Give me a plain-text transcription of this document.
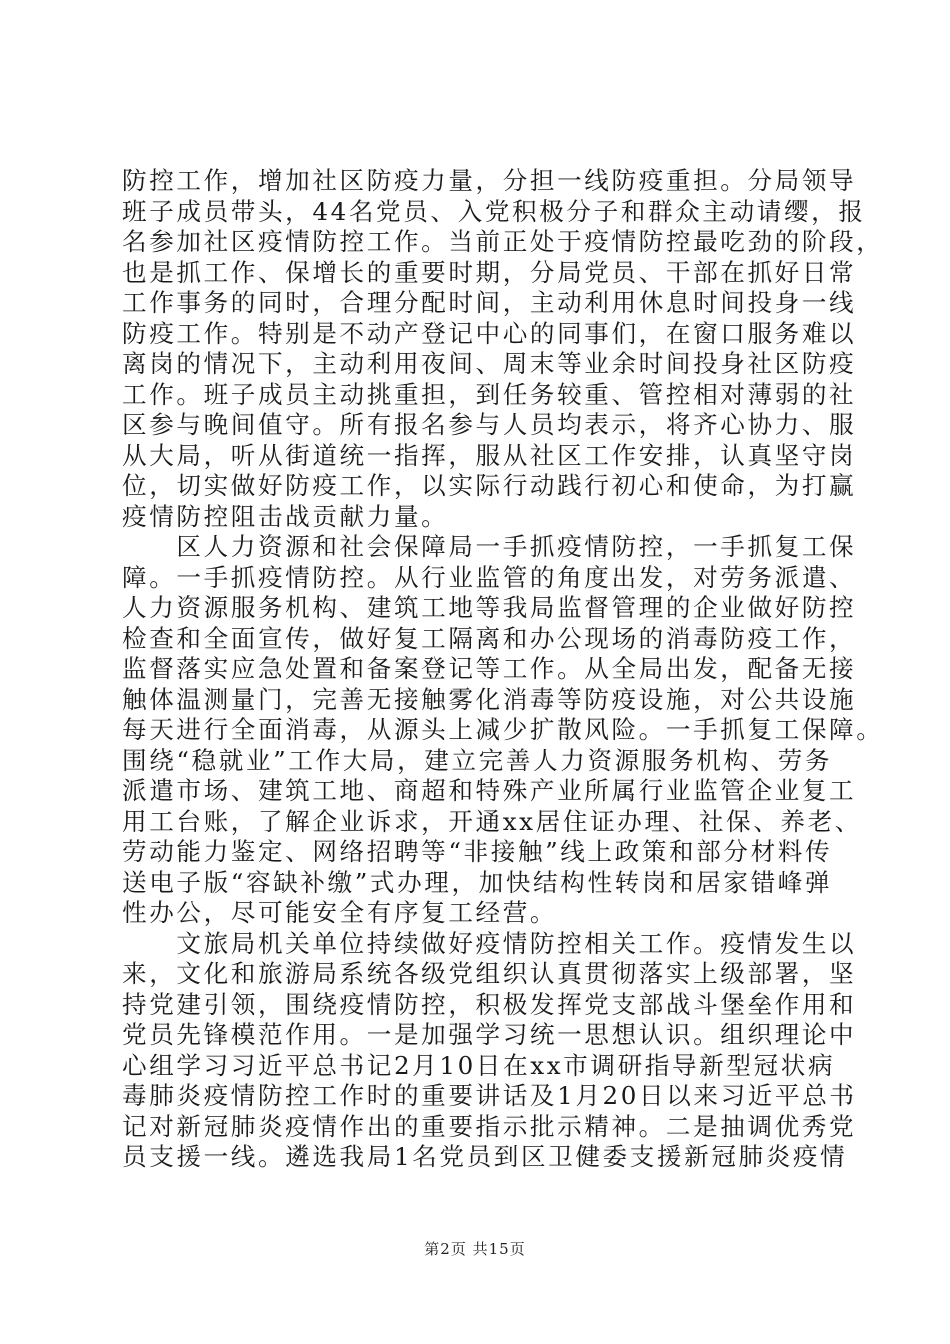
防控工作，增加社区防疫力量，分担一线防疫重担。分局领导
班子成员带头，44名党员、入党积极分子和群众主动请缨，报
名参加社区疫情防控工作。当前正处于疫情防控最吃劲的阶段，
也是抓工作、保增长的重要时期，分局党员、干部在抓好日常
工作事务的同时，合理分配时间，主动利用休息时间投身一线
防疫工作。特别是不动产登记中心的同事们，在窗口服务难以
离岗的情况下，主动利用夜间、周末等业余时间投身社区防疫
工作。班子成员主动挑重担，到任务较重、管控相对薄弱的社
区参与晚间值守。所有报名参与人员均表示，将齐心协力、服
从大局，听从街道统一指挥，服从社区工作安排，认真坚守岗
位，切实做好防疫工作，以实际行动践行初心和使命，为打赢
疫情防控阻击战贡献力量。
　　区人力资源和社会保障局一手抓疫情防控，一手抓复工保
障。一手抓疫情防控。从行业监管的角度出发，对劳务派遣、
人力资源服务机构、建筑工地等我局监督管理的企业做好防控
检查和全面宣传，做好复工隔离和办公现场的消毒防疫工作，
监督落实应急处置和备案登记等工作。从全局出发，配备无接
触体温测量门，完善无接触雾化消毒等防疫设施，对公共设施
每天进行全面消毒，从源头上减少扩散风险。一手抓复工保障。
围绕“稳就业”工作大局，建立完善人力资源服务机构、劳务
派遣市场、建筑工地、商超和特殊产业所属行业监管企业复工
用工台账，了解企业诉求，开通xx居住证办理、社保、养老、
劳动能力鉴定、网络招聘等“非接触”线上政策和部分材料传
送电子版“容缺补缴”式办理，加快结构性转岗和居家错峰弹
性办公，尽可能安全有序复工经营。
　　文旅局机关单位持续做好疫情防控相关工作。疫情发生以
来，文化和旅游局系统各级党组织认真贯彻落实上级部署，坚
持党建引领，围绕疫情防控，积极发挥党支部战斗堡垒作用和
党员先锋模范作用。一是加强学习统一思想认识。组织理论中
心组学习习近平总书记2月10日在xx市调研指导新型冠状病
毒肺炎疫情防控工作时的重要讲话及1月20日以来习近平总书
记对新冠肺炎疫情作出的重要指示批示精神。二是抽调优秀党
员支援一线。遴选我局1名党员到区卫健委支援新冠肺炎疫情
第2页 共15页
